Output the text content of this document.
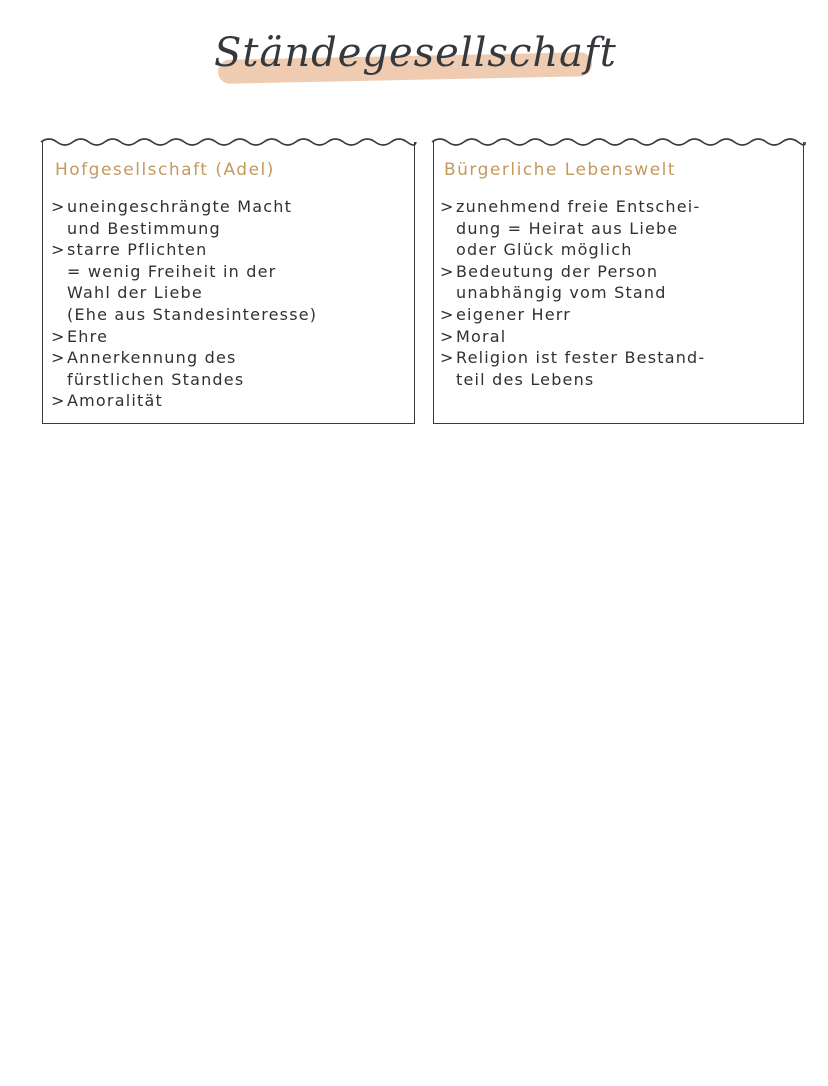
Ständegesellschaft
Hofgesellschaft (Adel)
> uneingeschrängte Macht
und Bestimmung
> starre Pflichten
= wenig Freiheit in der
Wahl der Liebe
(Ehe aus Standesinteresse)
> Ehre
> Annerkennung des
fürstlichen Standes
> Amoralität
Bürgerliche Lebenswelt
> zunehmend freie Entschei-
dung = Heirat aus Liebe
oder Glück möglich
> Bedeutung der Person
unabhängig vom Stand
> eigener Herr
> Moral
> Religion ist fester Bestand-
teil des Lebens
